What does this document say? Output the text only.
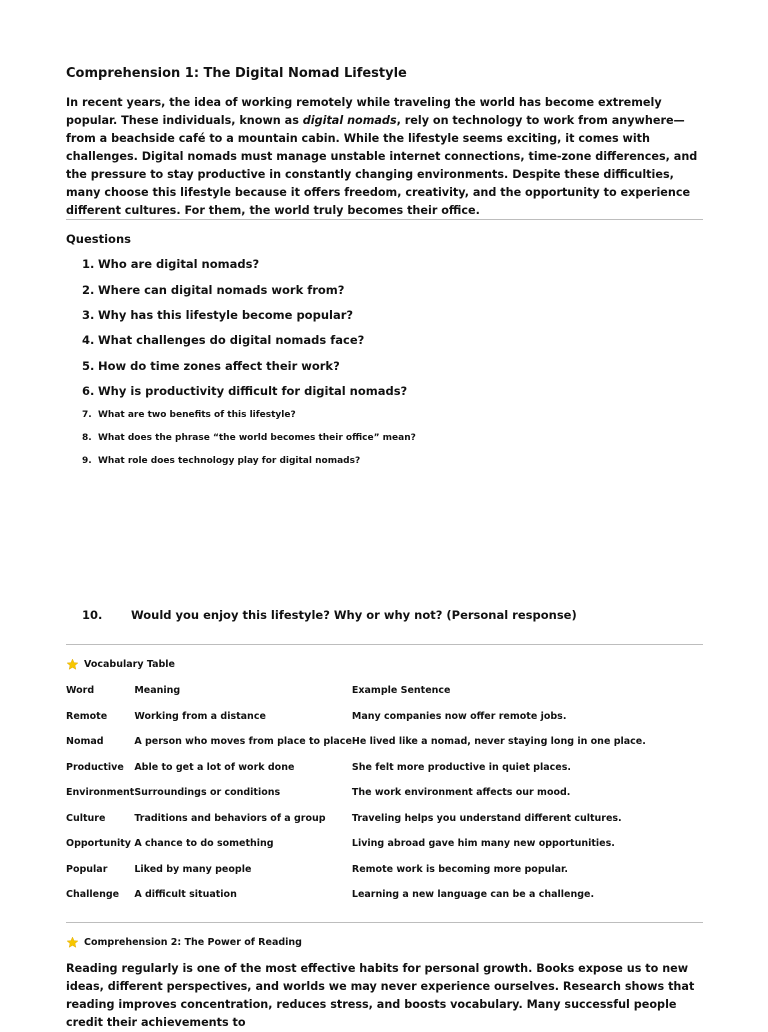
Comprehension 1: The Digital Nomad Lifestyle
In recent years, the idea of working remotely while traveling the world has become extremely popular. These individuals, known as digital nomads, rely on technology to work from anywhere—from a beachside café to a mountain cabin. While the lifestyle seems exciting, it comes with challenges. Digital nomads must manage unstable internet connections, time-zone differences, and the pressure to stay productive in constantly changing environments. Despite these difficulties, many choose this lifestyle because it offers freedom, creativity, and the opportunity to experience different cultures. For them, the world truly becomes their office.
Questions
1. Who are digital nomads?
2. Where can digital nomads work from?
3. Why has this lifestyle become popular?
4. What challenges do digital nomads face?
5. How do time zones affect their work?
6. Why is productivity difficult for digital nomads?
7. What are two benefits of this lifestyle?
8. What does the phrase “the world becomes their office” mean?
9. What role does technology play for digital nomads?
10. Would you enjoy this lifestyle? Why or why not? (Personal response)
Vocabulary Table
Word	Meaning	Example Sentence
Remote	Working from a distance	Many companies now offer remote jobs.
Nomad	A person who moves from place to place	He lived like a nomad, never staying long in one place.
Productive	Able to get a lot of work done	She felt more productive in quiet places.
Environment	Surroundings or conditions	The work environment affects our mood.
Culture	Traditions and behaviors of a group	Traveling helps you understand different cultures.
Opportunity	A chance to do something	Living abroad gave him many new opportunities.
Popular	Liked by many people	Remote work is becoming more popular.
Challenge	A difficult situation	Learning a new language can be a challenge.
Comprehension 2: The Power of Reading
Reading regularly is one of the most effective habits for personal growth. Books expose us to new ideas, different perspectives, and worlds we may never experience ourselves. Research shows that reading improves concentration, reduces stress, and boosts vocabulary. Many successful people credit their achievements to
